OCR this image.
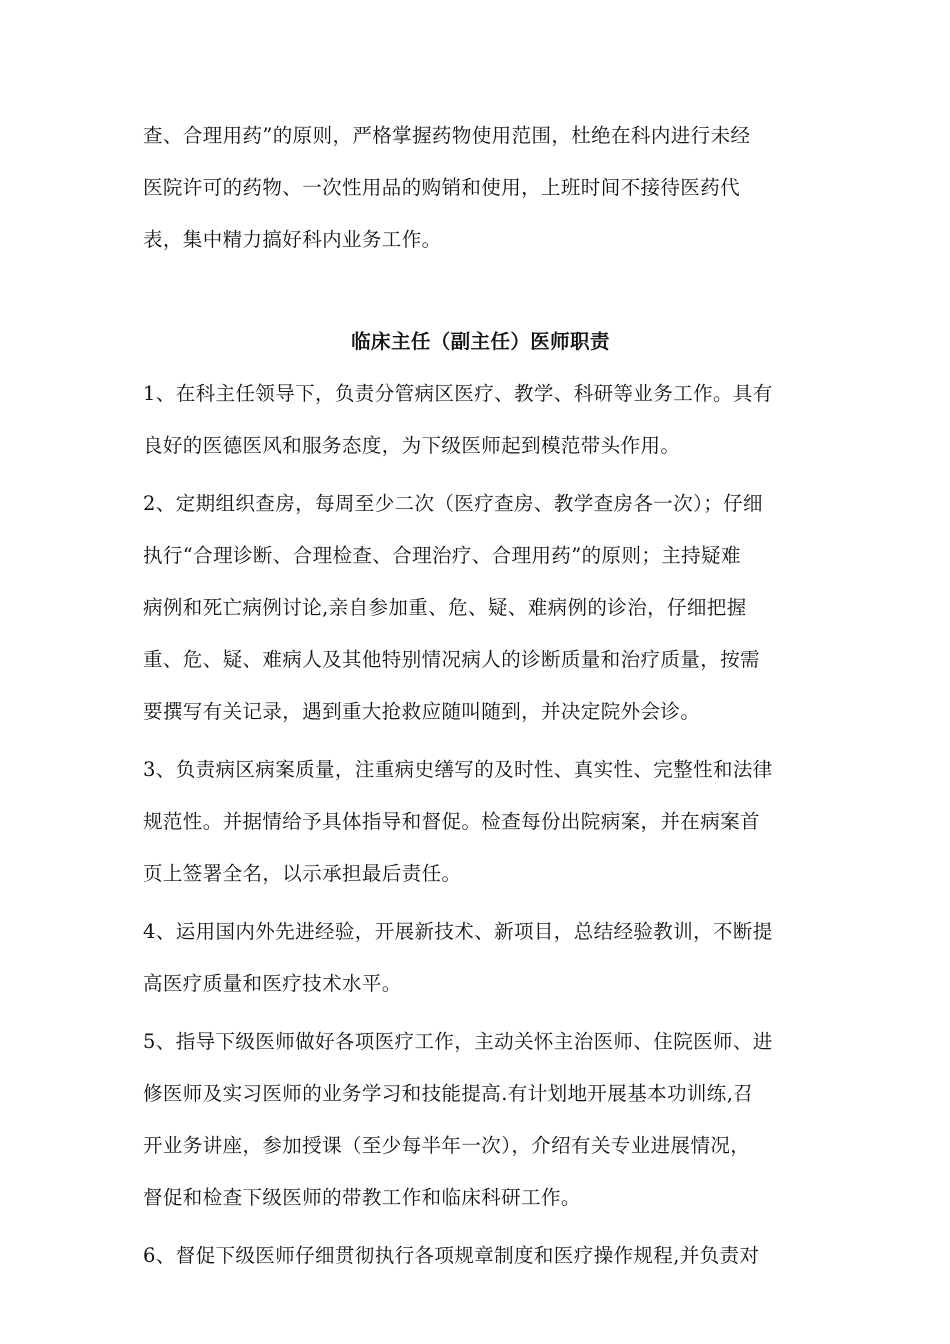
查、合理用药”的原则，严格掌握药物使用范围，杜绝在科内进行未经
医院许可的药物、一次性用品的购销和使用，上班时间不接待医药代
表，集中精力搞好科内业务工作。

临床主任（副主任）医师职责

1、在科主任领导下，负责分管病区医疗、教学、科研等业务工作。具有
良好的医德医风和服务态度，为下级医师起到模范带头作用。

2、定期组织查房，每周至少二次（医疗查房、教学查房各一次）；仔细
执行“合理诊断、合理检查、合理治疗、合理用药”的原则；主持疑难
病例和死亡病例讨论,亲自参加重、危、疑、难病例的诊治，仔细把握
重、危、疑、难病人及其他特别情况病人的诊断质量和治疗质量，按需
要撰写有关记录，遇到重大抢救应随叫随到，并决定院外会诊。

3、负责病区病案质量，注重病史缮写的及时性、真实性、完整性和法律
规范性。并据情给予具体指导和督促。检查每份出院病案，并在病案首
页上签署全名，以示承担最后责任。

4、运用国内外先进经验，开展新技术、新项目，总结经验教训，不断提
高医疗质量和医疗技术水平。

5、指导下级医师做好各项医疗工作，主动关怀主治医师、住院医师、进
修医师及实习医师的业务学习和技能提高.有计划地开展基本功训练,召
开业务讲座，参加授课（至少每半年一次），介绍有关专业进展情况，
督促和检查下级医师的带教工作和临床科研工作。

6、督促下级医师仔细贯彻执行各项规章制度和医疗操作规程,并负责对
